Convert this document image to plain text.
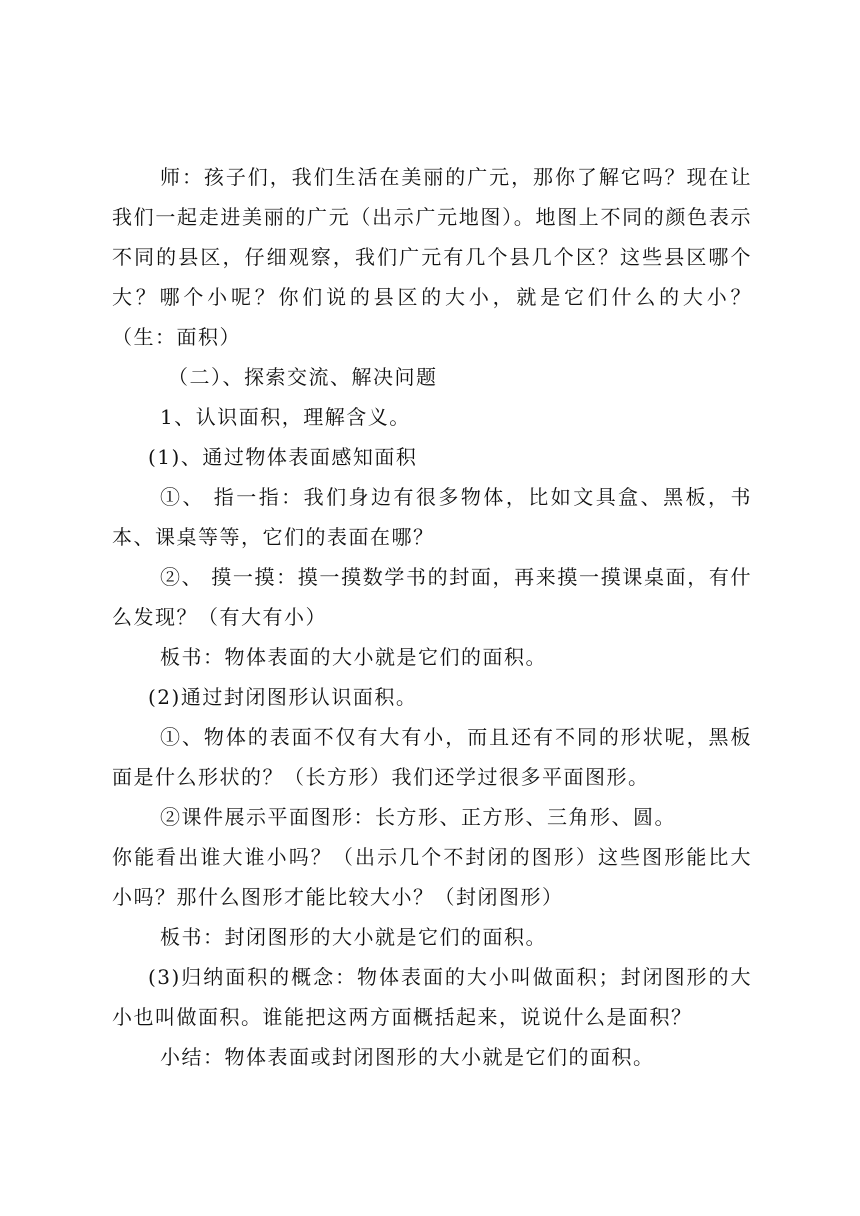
师：孩子们，我们生活在美丽的广元，那你了解它吗？现在让我们一起走进美丽的广元（出示广元地图）。地图上不同的颜色表示不同的县区，仔细观察，我们广元有几个县几个区？这些县区哪个大？哪个小呢？你们说的县区的大小，就是它们什么的大小？（生：面积）

（二）、探索交流、解决问题

1、认识面积，理解含义。

(1)、通过物体表面感知面积

①、 指一指：我们身边有很多物体，比如文具盒、黑板，书本、课桌等等，它们的表面在哪？

②、 摸一摸：摸一摸数学书的封面，再来摸一摸课桌面，有什么发现？（有大有小）

板书：物体表面的大小就是它们的面积。

(2)通过封闭图形认识面积。

①、物体的表面不仅有大有小，而且还有不同的形状呢，黑板面是什么形状的？（长方形）我们还学过很多平面图形。

②课件展示平面图形：长方形、正方形、三角形、圆。

你能看出谁大谁小吗？（出示几个不封闭的图形）这些图形能比大小吗？那什么图形才能比较大小？（封闭图形）

板书：封闭图形的大小就是它们的面积。

(3)归纳面积的概念：物体表面的大小叫做面积；封闭图形的大小也叫做面积。谁能把这两方面概括起来，说说什么是面积？

小结：物体表面或封闭图形的大小就是它们的面积。
